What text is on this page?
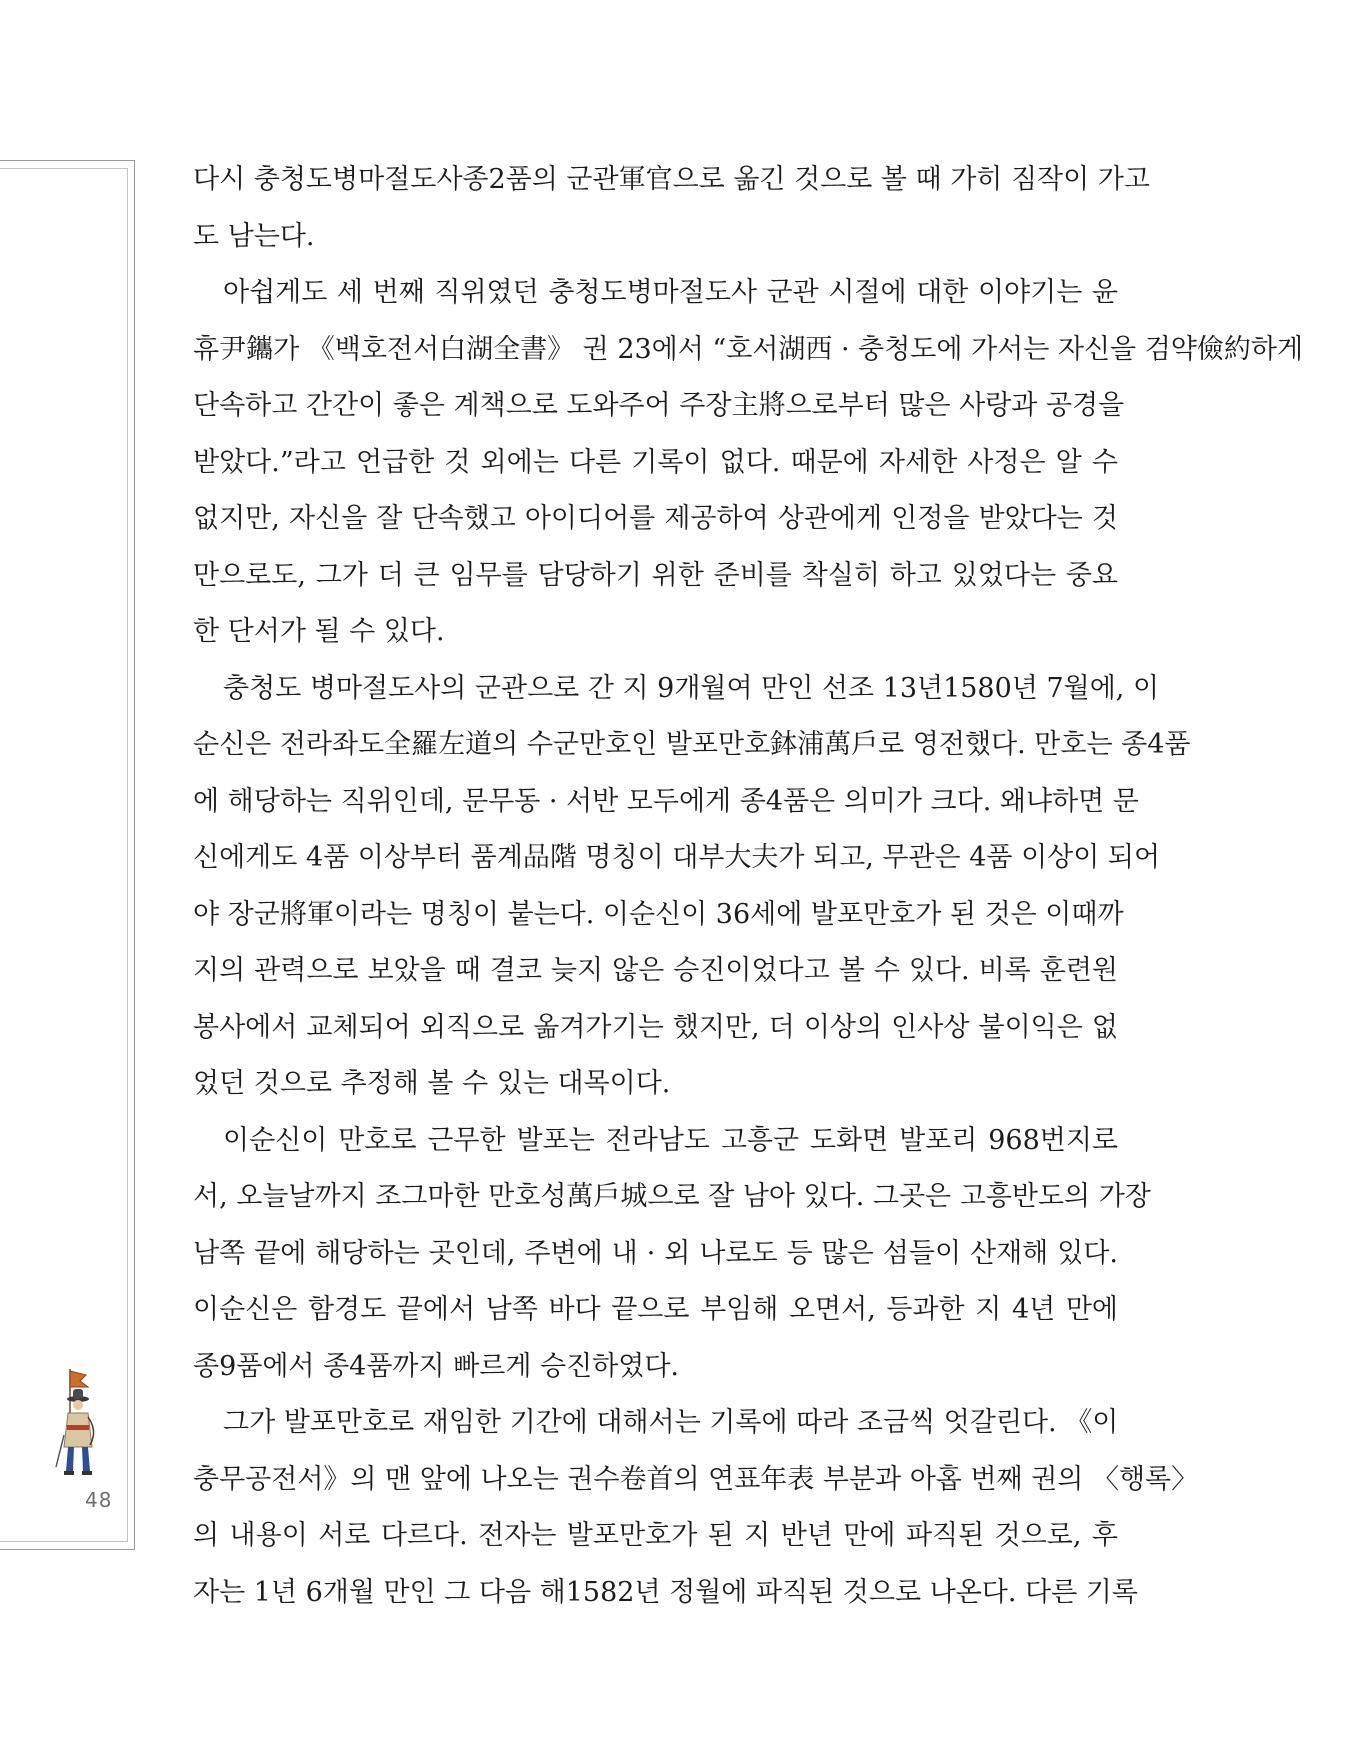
48

다시 충청도병마절도사종2품의 군관軍官으로 옮긴 것으로 볼 때 가히 짐작이 가고
도 남는다.

아쉽게도 세 번째 직위였던 충청도병마절도사 군관 시절에 대한 이야기는 윤
휴尹鑴가 《백호전서白湖全書》 권 23에서 “호서湖西 · 충청도에 가서는 자신을 검약儉約하게
단속하고 간간이 좋은 계책으로 도와주어 주장主將으로부터 많은 사랑과 공경을
받았다.”라고 언급한 것 외에는 다른 기록이 없다. 때문에 자세한 사정은 알 수
없지만, 자신을 잘 단속했고 아이디어를 제공하여 상관에게 인정을 받았다는 것
만으로도, 그가 더 큰 임무를 담당하기 위한 준비를 착실히 하고 있었다는 중요
한 단서가 될 수 있다.

충청도 병마절도사의 군관으로 간 지 9개월여 만인 선조 13년1580년 7월에, 이
순신은 전라좌도全羅左道의 수군만호인 발포만호鉢浦萬戶로 영전했다. 만호는 종4품
에 해당하는 직위인데, 문무동 · 서반 모두에게 종4품은 의미가 크다. 왜냐하면 문
신에게도 4품 이상부터 품계品階 명칭이 대부大夫가 되고, 무관은 4품 이상이 되어
야 장군將軍이라는 명칭이 붙는다. 이순신이 36세에 발포만호가 된 것은 이때까
지의 관력으로 보았을 때 결코 늦지 않은 승진이었다고 볼 수 있다. 비록 훈련원
봉사에서 교체되어 외직으로 옮겨가기는 했지만, 더 이상의 인사상 불이익은 없
었던 것으로 추정해 볼 수 있는 대목이다.

이순신이 만호로 근무한 발포는 전라남도 고흥군 도화면 발포리 968번지로
서, 오늘날까지 조그마한 만호성萬戶城으로 잘 남아 있다. 그곳은 고흥반도의 가장
남쪽 끝에 해당하는 곳인데, 주변에 내 · 외 나로도 등 많은 섬들이 산재해 있다.
이순신은 함경도 끝에서 남쪽 바다 끝으로 부임해 오면서, 등과한 지 4년 만에
종9품에서 종4품까지 빠르게 승진하였다.

그가 발포만호로 재임한 기간에 대해서는 기록에 따라 조금씩 엇갈린다. 《이
충무공전서》의 맨 앞에 나오는 권수卷首의 연표年表 부분과 아홉 번째 권의 〈행록〉
의 내용이 서로 다르다. 전자는 발포만호가 된 지 반년 만에 파직된 것으로, 후
자는 1년 6개월 만인 그 다음 해1582년 정월에 파직된 것으로 나온다. 다른 기록
